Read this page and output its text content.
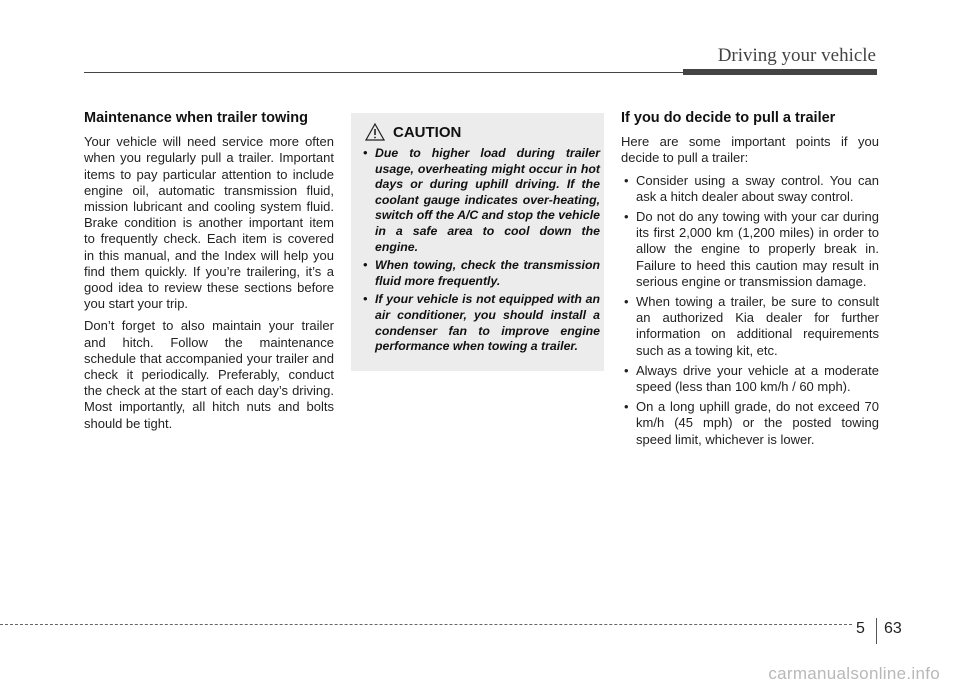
Driving your vehicle
Maintenance when trailer towing

Your vehicle will need service more often when you regularly pull a trailer. Important items to pay particular attention to include engine oil, automatic transmission fluid, mission lubricant and cooling system fluid. Brake condition is another important item to frequently check. Each item is covered in this manual, and the Index will help you find them quickly. If you’re trailering, it’s a good idea to review these sections before you start your trip.

Don’t forget to also maintain your trailer and hitch. Follow the maintenance schedule that accompanied your trailer and check it periodically. Preferably, conduct the check at the start of each day’s driving. Most importantly, all hitch nuts and bolts should be tight.

CAUTION
• Due to higher load during trailer usage, overheating might occur in hot days or during uphill driving. If the coolant gauge indicates over-heating, switch off the A/C and stop the vehicle in a safe area to cool down the engine.
• When towing, check the transmission fluid more frequently.
• If your vehicle is not equipped with an air conditioner, you should install a condenser fan to improve engine performance when towing a trailer.
If you do decide to pull a trailer

Here are some important points if you decide to pull a trailer:

• Consider using a sway control. You can ask a hitch dealer about sway control.
• Do not do any towing with your car during its first 2,000 km (1,200 miles) in order to allow the engine to properly break in. Failure to heed this caution may result in serious engine or transmission damage.
• When towing a trailer, be sure to consult an authorized Kia dealer for further information on additional requirements such as a towing kit, etc.
• Always drive your vehicle at a moderate speed (less than 100 km/h / 60 mph).
• On a long uphill grade, do not exceed 70 km/h (45 mph) or the posted towing speed limit, whichever is lower.
5 63
carmanualsonline.info
